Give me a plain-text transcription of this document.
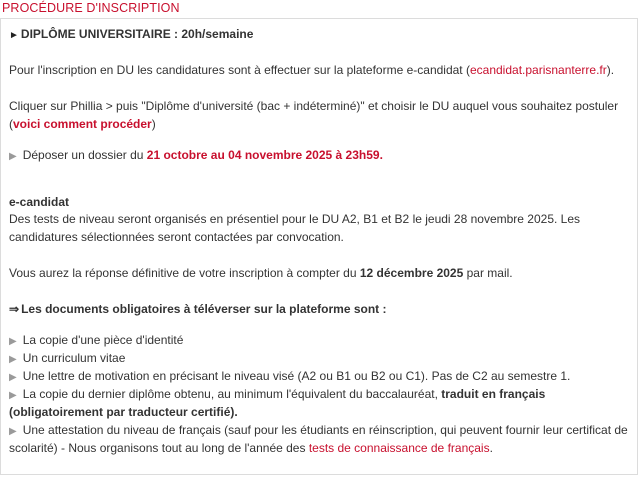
PROCÉDURE D'INSCRIPTION
► DIPLÔME UNIVERSITAIRE : 20h/semaine
Pour l'inscription en DU les candidatures sont à effectuer sur la plateforme e-candidat (ecandidat.parisnanterre.fr).
Cliquer sur Phillia > puis "Diplôme d'université (bac + indéterminé)" et choisir le DU auquel vous souhaitez postuler
(voici comment procéder)
▶ Déposer un dossier du 21 octobre au 04 novembre 2025 à 23h59.
e-candidat
Des tests de niveau seront organisés en présentiel pour le DU A2, B1 et B2 le jeudi 28 novembre 2025. Les
candidatures sélectionnées seront contactées par convocation.
Vous aurez la réponse définitive de votre inscription à compter du 12 décembre 2025 par mail.
⇒ Les documents obligatoires à téléverser sur la plateforme sont :
▶ La copie d'une pièce d'identité
▶ Un curriculum vitae
▶ Une lettre de motivation en précisant le niveau visé (A2 ou B1 ou B2 ou C1). Pas de C2 au semestre 1.
▶ La copie du dernier diplôme obtenu, au minimum l'équivalent du baccalauréat, traduit en français
(obligatoirement par traducteur certifié).
▶ Une attestation du niveau de français (sauf pour les étudiants en réinscription, qui peuvent fournir leur certificat de
scolarité) - Nous organisons tout au long de l'année des tests de connaissance de français.
